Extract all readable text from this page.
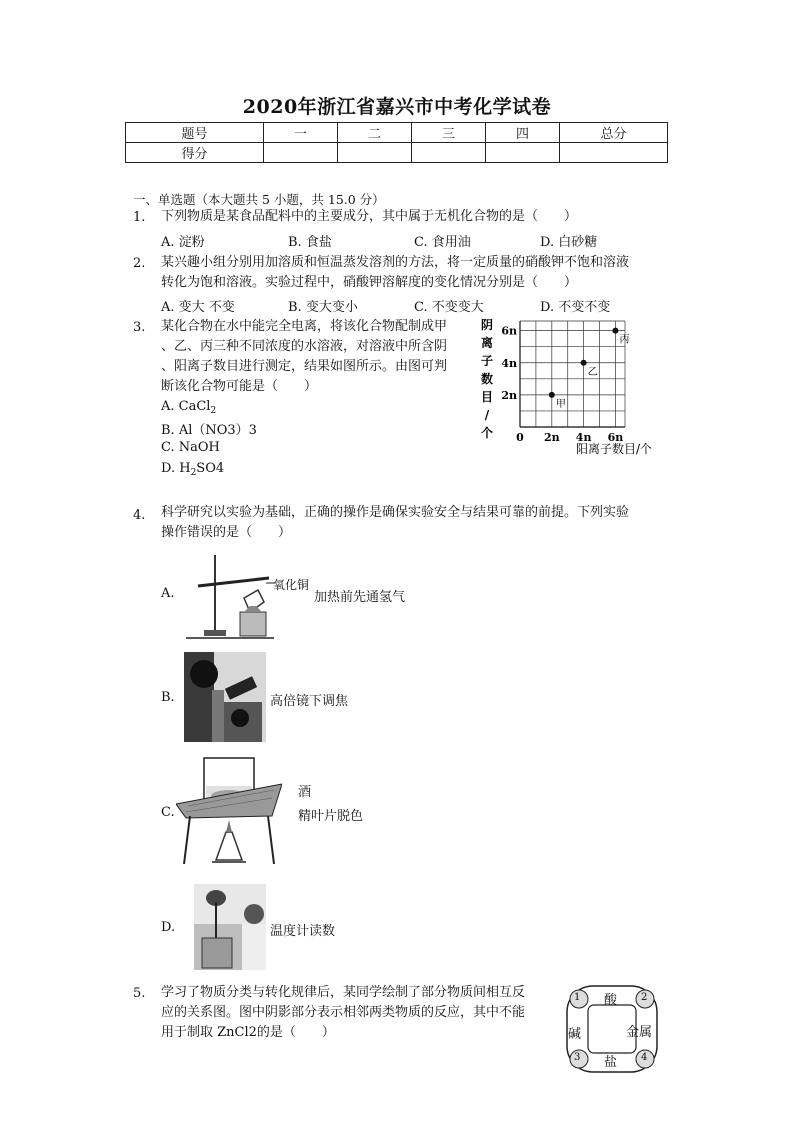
2020年浙江省嘉兴市中考化学试卷
题号	一	二	三	四	总分
得分					
一、单选题（本大题共 5 小题，共 15.0 分）
1. 下列物质是某食品配料中的主要成分，其中属于无机化合物的是（　　）
A. 淀粉	B. 食盐	C. 食用油	D. 白砂糖
2. 某兴趣小组分别用加溶质和恒温蒸发溶剂的方法，将一定质量的硝酸钾不饱和溶液
转化为饱和溶液。实验过程中，硝酸钾溶解度的变化情况分别是（　　）
A. 变大 不变	B. 变大变小	C. 不变变大	D. 不变不变
3. 某化合物在水中能完全电离，将该化合物配制成甲
、乙、丙三种不同浓度的水溶液，对溶液中所含阴
、阳离子数目进行测定，结果如图所示。由图可判
断该化合物可能是（　　）
A. CaCl$_2$
B. Al（NO3）3
C. NaOH
D. $H_2SO4$
0 2n 4n 6n
2n
4n
6n
阴
离
子
数
目
/
个
阳离子数目/个
甲
乙
丙
4. 科学研究以实验为基础，正确的操作是确保实验安全与结果可靠的前提。下列实验
操作错误的是（　　）
A.
氧化铜
加热前先通氢气
B.	高倍镜下调焦
C.
酒
精叶片脱色
D.	温度计读数
5. 学习了物质分类与转化规律后，某同学绘制了部分物质间相互反
应的关系图。图中阴影部分表示相邻两类物质的反应，其中不能
用于制取 ZnCl2的是（　　）
1	2
3	4
酸
金属
盐
碱
